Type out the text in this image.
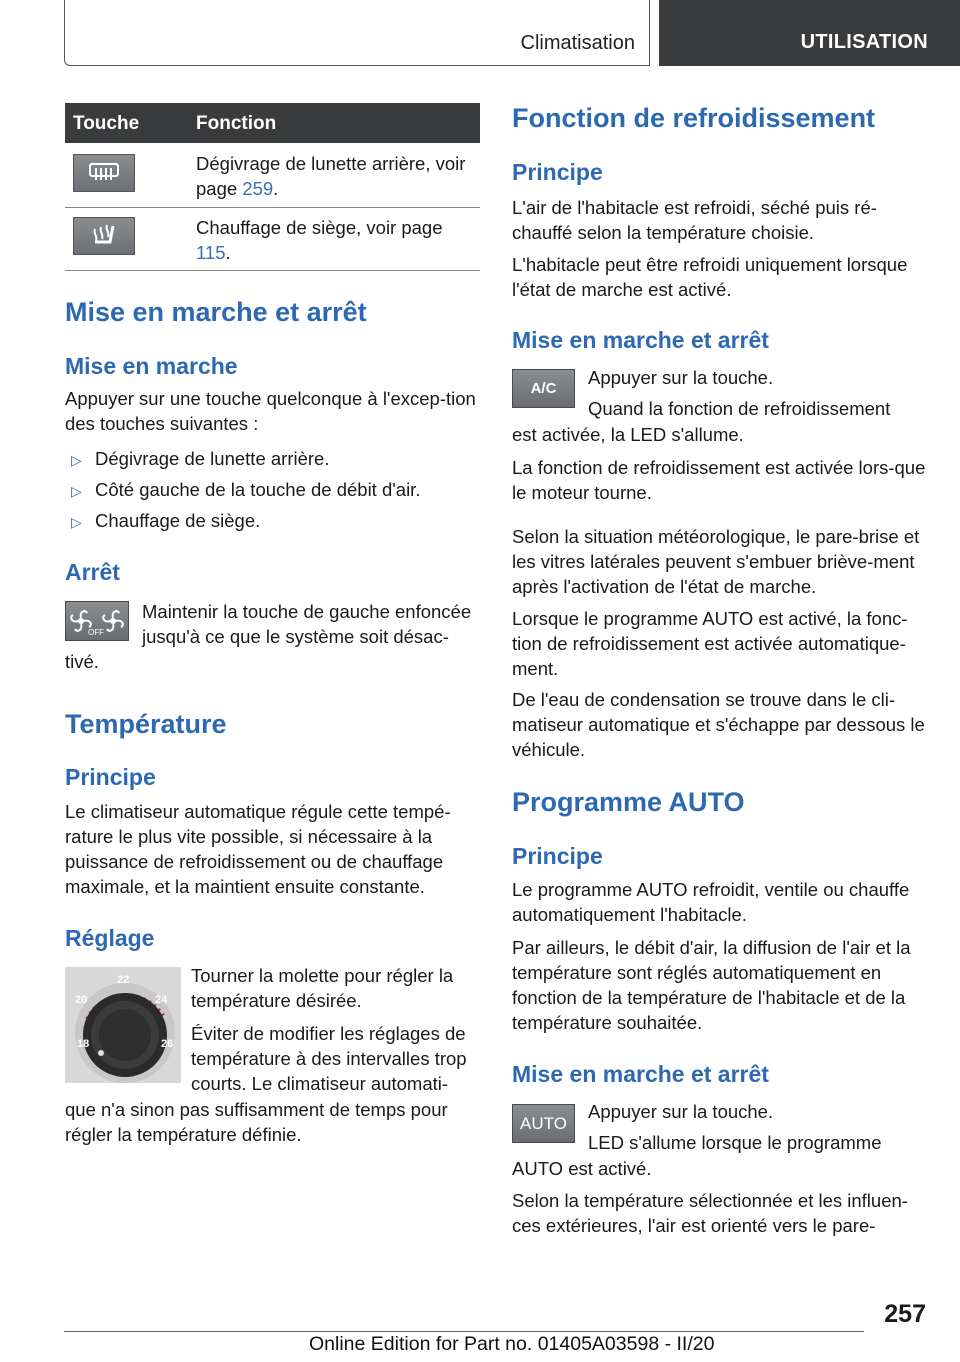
Climatisation	UTILISATION
Touche	Fonction
Dégivrage de lunette arrière, voir page 259.
Chauffage de siège, voir page 115.
Mise en marche et arrêt
Mise en marche
Appuyer sur une touche quelconque à l'excep-tion des touches suivantes :
▷ Dégivrage de lunette arrière.
▷ Côté gauche de la touche de débit d'air.
▷ Chauffage de siège.
Arrêt
OFF
Maintenir la touche de gauche enfoncée jusqu'à ce que le système soit désac-
tivé.
Température
Principe
Le climatiseur automatique régule cette tempé-rature le plus vite possible, si nécessaire à la puissance de refroidissement ou de chauffage maximale, et la maintient ensuite constante.
Réglage
18
20
22
24
26
Tourner la molette pour régler la température désirée.
Éviter de modifier les réglages de température à des intervalles trop courts. Le climatiseur automati-
que n'a sinon pas suffisamment de temps pour régler la température définie.
Fonction de refroidissement
Principe
L'air de l'habitacle est refroidi, séché puis ré-chauffé selon la température choisie.
L'habitacle peut être refroidi uniquement lorsque l'état de marche est activé.
Mise en marche et arrêt
A/C
Appuyer sur la touche.
Quand la fonction de refroidissement
est activée, la LED s'allume.
La fonction de refroidissement est activée lors-que le moteur tourne.
Selon la situation météorologique, le pare-brise et les vitres latérales peuvent s'embuer briève-ment après l'activation de l'état de marche.
Lorsque le programme AUTO est activé, la fonc-tion de refroidissement est activée automatique-ment.
De l'eau de condensation se trouve dans le cli-matiseur automatique et s'échappe par dessous le véhicule.
Programme AUTO
Principe
Le programme AUTO refroidit, ventile ou chauffe automatiquement l'habitacle.
Par ailleurs, le débit d'air, la diffusion de l'air et la température sont réglés automatiquement en fonction de la température de l'habitacle et de la température souhaitée.
Mise en marche et arrêt
AUTO
Appuyer sur la touche.
LED s'allume lorsque le programme
AUTO est activé.
Selon la température sélectionnée et les influen-ces extérieures, l'air est orienté vers le pare-
257
Online Edition for Part no. 01405A03598 - II/20
